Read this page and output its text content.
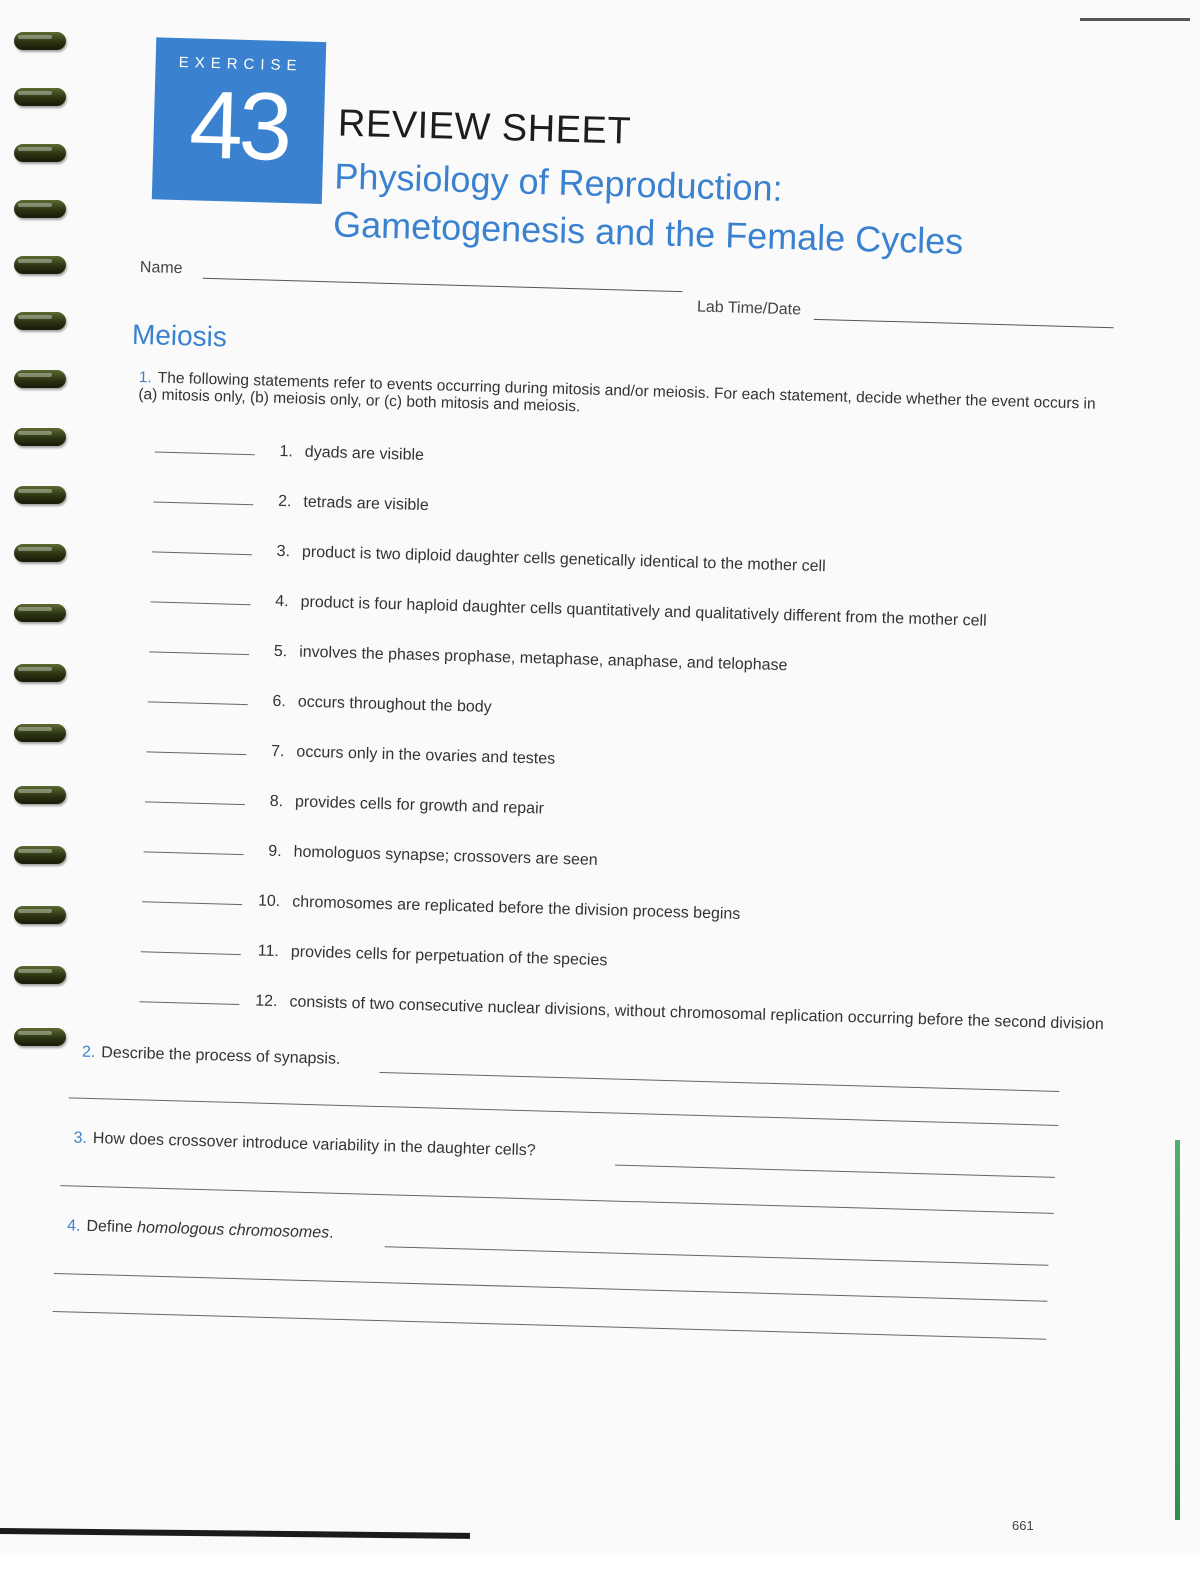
EXERCISE
43	REVIEW SHEET
Physiology of Reproduction:
Gametogenesis and the Female Cycles
Name
Lab Time/Date
Meiosis
1. The following statements refer to events occurring during mitosis and/or meiosis. For each statement, decide whether the event occurs in (a) mitosis only, (b) meiosis only, or (c) both mitosis and meiosis.
1. dyads are visible
2. tetrads are visible
3. product is two diploid daughter cells genetically identical to the mother cell
4. product is four haploid daughter cells quantitatively and qualitatively different from the mother cell
5. involves the phases prophase, metaphase, anaphase, and telophase
6. occurs throughout the body
7. occurs only in the ovaries and testes
8. provides cells for growth and repair
9. homologuos synapse; crossovers are seen
10. chromosomes are replicated before the division process begins
11. provides cells for perpetuation of the species
12. consists of two consecutive nuclear divisions, without chromosomal replication occurring before the second division
2. Describe the process of synapsis.
3. How does crossover introduce variability in the daughter cells?
4. Define homologous chromosomes.
661
